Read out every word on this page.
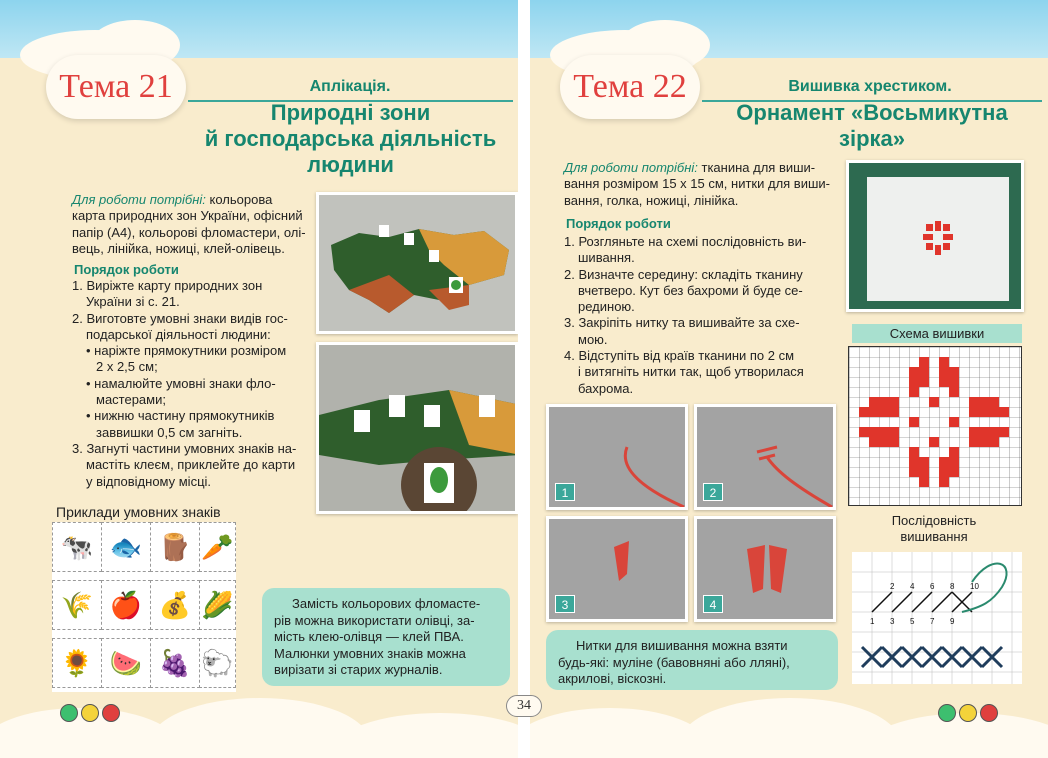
Тема 21	Аплікація.
Природні зони
й господарська діяльність
людини
Для роботи потрібні: кольорова
карта природних зон України, офісний
папір (А4), кольорові фломастери, олі-
вець, лінійка, ножиці, клей-олівець.
Порядок роботи
1. Виріжте карту природних зон
України зі с. 21.
2. Виготовте умовні знаки видів гос-
подарської діяльності людини:
• наріжте прямокутники розміром
2 х 2,5 см;
• намалюйте умовні знаки фло-
мастерами;
• нижню частину прямокутників
заввишки 0,5 см загніть.
3. Загнуті частини умовних знаків на-
мастіть клеєм, приклейте до карти
у відповідному місці.
Приклади умовних знаків
🐄 🐟 🪵 🥕
🌾 🍎 💰 🌽
🌻 🍉 🍇 🐑
Замість кольорових фломасте-
рів можна використати олівці, за-
міcть клею-олівця — клей ПВА.
Малюнки умовних знаків можна
вирізати зі старих журналів.
Тема 22	Вишивка хрестиком.
Орнамент «Восьмикутна
зірка»
Для роботи потрібні: тканина для виши-
вання розміром 15 х 15 см, нитки для виши-
вання, голка, ножиці, лінійка.
Порядок роботи
1. Розгляньте на схемі послідовність ви-
шивання.
2. Визначте середину: складіть тканину
вчетверо. Кут без бахроми й буде се-
рединою.
3. Закріпіть нитку та вишивайте за схе-
мою.
4. Відступіть від країв тканини по 2 см
і витягніть нитки так, щоб утворилася
бахрома.
Схема вишивки
Послідовність
вишивання
2 4 6 8 10
1 3 5 7 9
1	2
3	4
Нитки для вишивання можна взяти
будь-які: муліне (бавовняні або лляні),
акрилові, віскозні.
34
